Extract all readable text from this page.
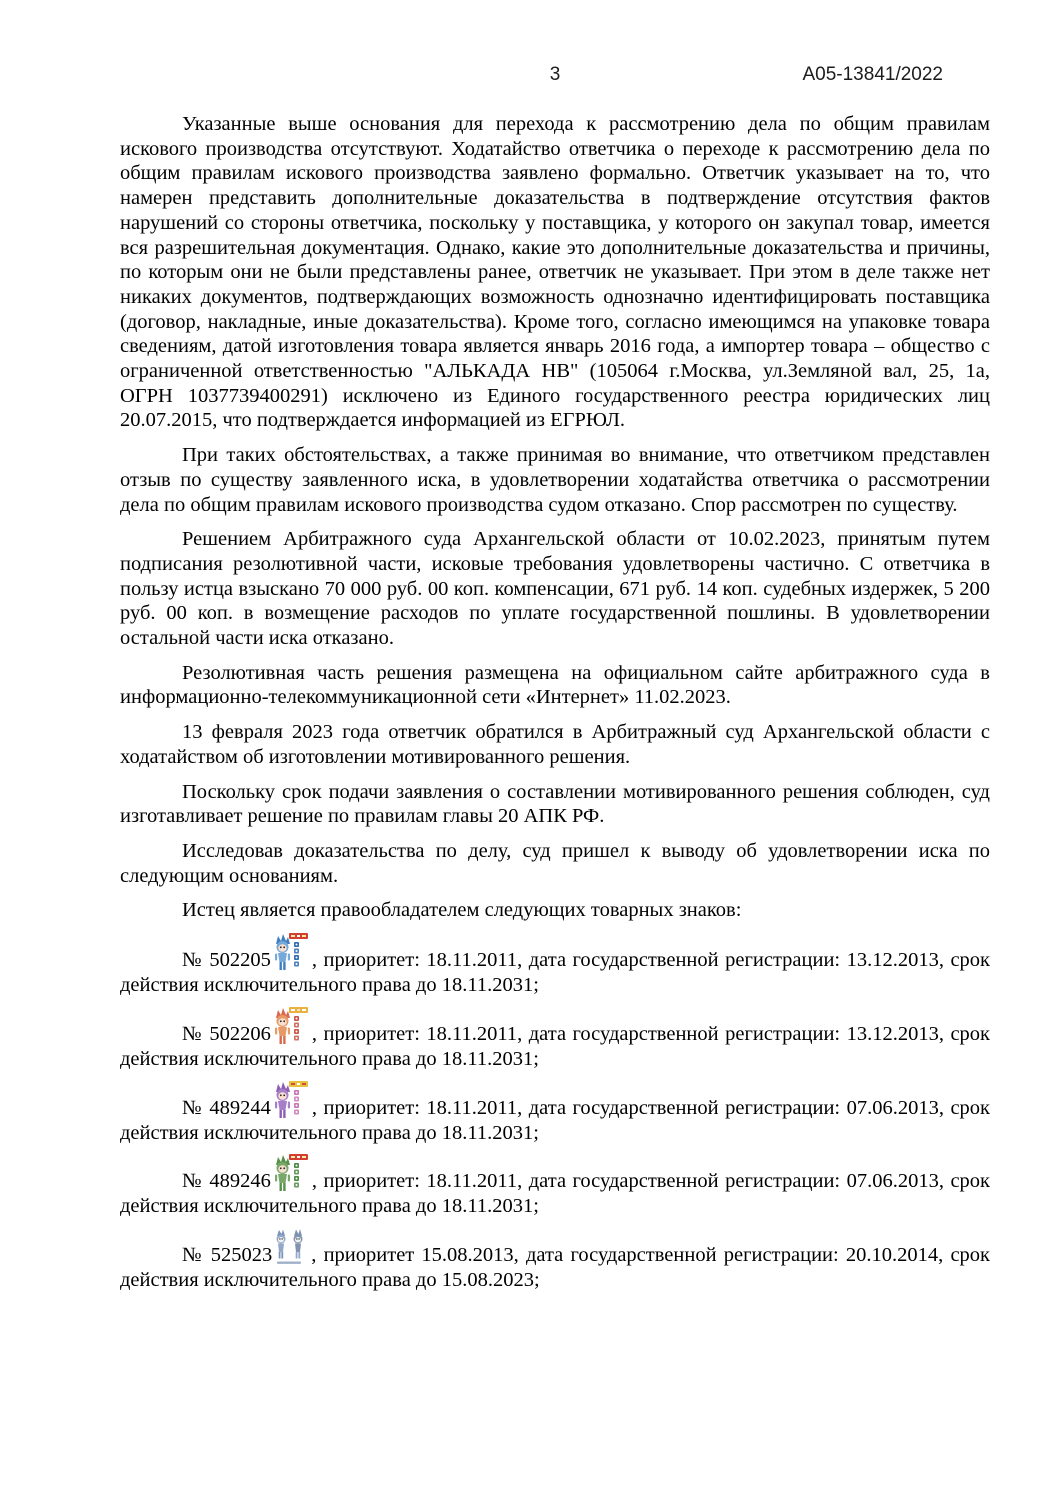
3	А05-13841/2022

Указанные выше основания для перехода к рассмотрению дела по общим правилам искового производства отсутствуют. Ходатайство ответчика о переходе к рассмотрению дела по общим правилам искового производства заявлено формально. Ответчик указывает на то, что намерен представить дополнительные доказательства в подтверждение отсутствия фактов нарушений со стороны ответчика, поскольку у поставщика, у которого он закупал товар, имеется вся разрешительная документация. Однако, какие это дополнительные доказательства и причины, по которым они не были представлены ранее, ответчик не указывает. При этом в деле также нет никаких документов, подтверждающих возможность однозначно идентифицировать поставщика (договор, накладные, иные доказательства). Кроме того, согласно имеющимся на упаковке товара сведениям, датой изготовления товара является январь 2016 года, а импортер товара – общество с ограниченной ответственностью "АЛЬКАДА НВ" (105064 г.Москва, ул.Земляной вал, 25, 1а, ОГРН 1037739400291) исключено из Единого государственного реестра юридических лиц 20.07.2015, что подтверждается информацией из ЕГРЮЛ.

При таких обстоятельствах, а также принимая во внимание, что ответчиком представлен отзыв по существу заявленного иска, в удовлетворении ходатайства ответчика о рассмотрении дела по общим правилам искового производства судом отказано. Спор рассмотрен по существу.

Решением Арбитражного суда Архангельской области от 10.02.2023, принятым путем подписания резолютивной части, исковые требования удовлетворены частично. С ответчика в пользу истца взыскано 70 000 руб. 00 коп. компенсации, 671 руб. 14 коп. судебных издержек, 5 200 руб. 00 коп. в возмещение расходов по уплате государственной пошлины. В удовлетворении остальной части иска отказано.

Резолютивная часть решения размещена на официальном сайте арбитражного суда в информационно-телекоммуникационной сети «Интернет» 11.02.2023.

13 февраля 2023 года ответчик обратился в Арбитражный суд Архангельской области с ходатайством об изготовлении мотивированного решения.

Поскольку срок подачи заявления о составлении мотивированного решения соблюден, суд изготавливает решение по правилам главы 20 АПК РФ.

Исследовав доказательства по делу, суд пришел к выводу об удовлетворении иска по следующим основаниям.

Истец является правообладателем следующих товарных знаков:

№ 502205 , приоритет: 18.11.2011, дата государственной регистрации: 13.12.2013, срок действия исключительного права до 18.11.2031;

№ 502206 , приоритет: 18.11.2011, дата государственной регистрации: 13.12.2013, срок действия исключительного права до 18.11.2031;

№ 489244 , приоритет: 18.11.2011, дата государственной регистрации: 07.06.2013, срок действия исключительного права до 18.11.2031;

№ 489246 , приоритет: 18.11.2011, дата государственной регистрации: 07.06.2013, срок действия исключительного права до 18.11.2031;

№ 525023 , приоритет 15.08.2013, дата государственной регистрации: 20.10.2014, срок действия исключительного права до 15.08.2023;
